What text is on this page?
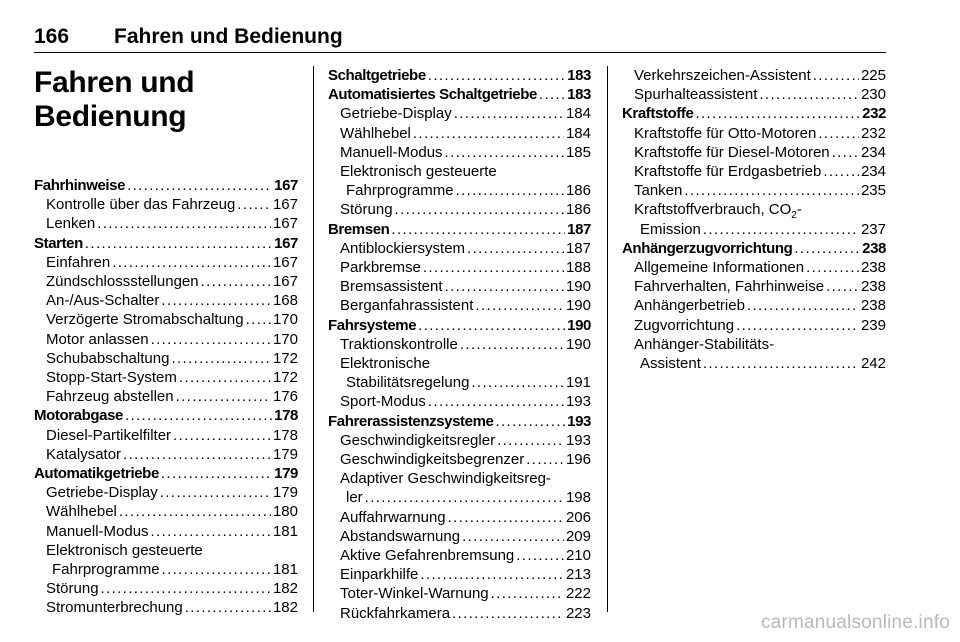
166 Fahren und Bedienung
Fahren und
Bedienung
Fahrhinweise . . .	167
Kontrolle über das Fahrzeug . . .	167
Lenken . . .	167
Starten . . .	167
Einfahren . . .	167
Zündschlossstellungen . . .	167
An-/Aus-Schalter . . .	168
Verzögerte Stromabschaltung . . . 170
Motor anlassen . . .	170
Schubabschaltung . . .	172
Stopp-Start-System . . .	172
Fahrzeug abstellen . . .	176
Motorabgase . . .	178
Diesel-Partikelfilter . . .	178
Katalysator . . .	179
Automatikgetriebe . . .	179
Getriebe-Display . . .	179
Wählhebel . . .	180
Manuell-Modus . . .	181
Elektronisch gesteuerte
Fahrprogramme . . .	181
Störung . . .	182
Stromunterbrechung . . .	182
Schaltgetriebe . . .	183
Automatisiertes Schaltgetriebe . . . 183
Getriebe-Display . . .	184
Wählhebel . . .	184
Manuell-Modus . . .	185
Elektronisch gesteuerte
Fahrprogramme . . .	186
Störung . . .	186
Bremsen . . .	187
Antiblockiersystem . . .	187
Parkbremse . . .	188
Bremsassistent . . .	190
Berganfahrassistent . . .	190
Fahrsysteme . . .	190
Traktionskontrolle . . .	190
Elektronische
Stabilitätsregelung . . .	191
Sport-Modus . . .	193
Fahrerassistenzsysteme . . .	193
Geschwindigkeitsregler . . .	193
Geschwindigkeitsbegrenzer . . .	196
Adaptiver Geschwindigkeitsreg-
ler . . .	198
Auffahrwarnung . . .	206
Abstandswarnung . . .	209
Aktive Gefahrenbremsung . . .	210
Einparkhilfe . . .	213
Toter-Winkel-Warnung . . .	222
Rückfahrkamera . . .	223
Verkehrszeichen-Assistent . . .	225
Spurhalteassistent . . .	230
Kraftstoffe . . .	232
Kraftstoffe für Otto-Motoren . . .	232
Kraftstoffe für Diesel-Motoren . . . 234
Kraftstoffe für Erdgasbetrieb . . .	234
Tanken . . .	235
Kraftstoffverbrauch, $CO_2-$
Emission . . .	237
Anhängerzugvorrichtung . . .	238
Allgemeine Informationen . . .	238
Fahrverhalten, Fahrhinweise . . . 238
Anhängerbetrieb . . .	238
Zugvorrichtung . . .	239
Anhänger-Stabilitäts-
Assistent . . .	242
carmanualsonline.info
